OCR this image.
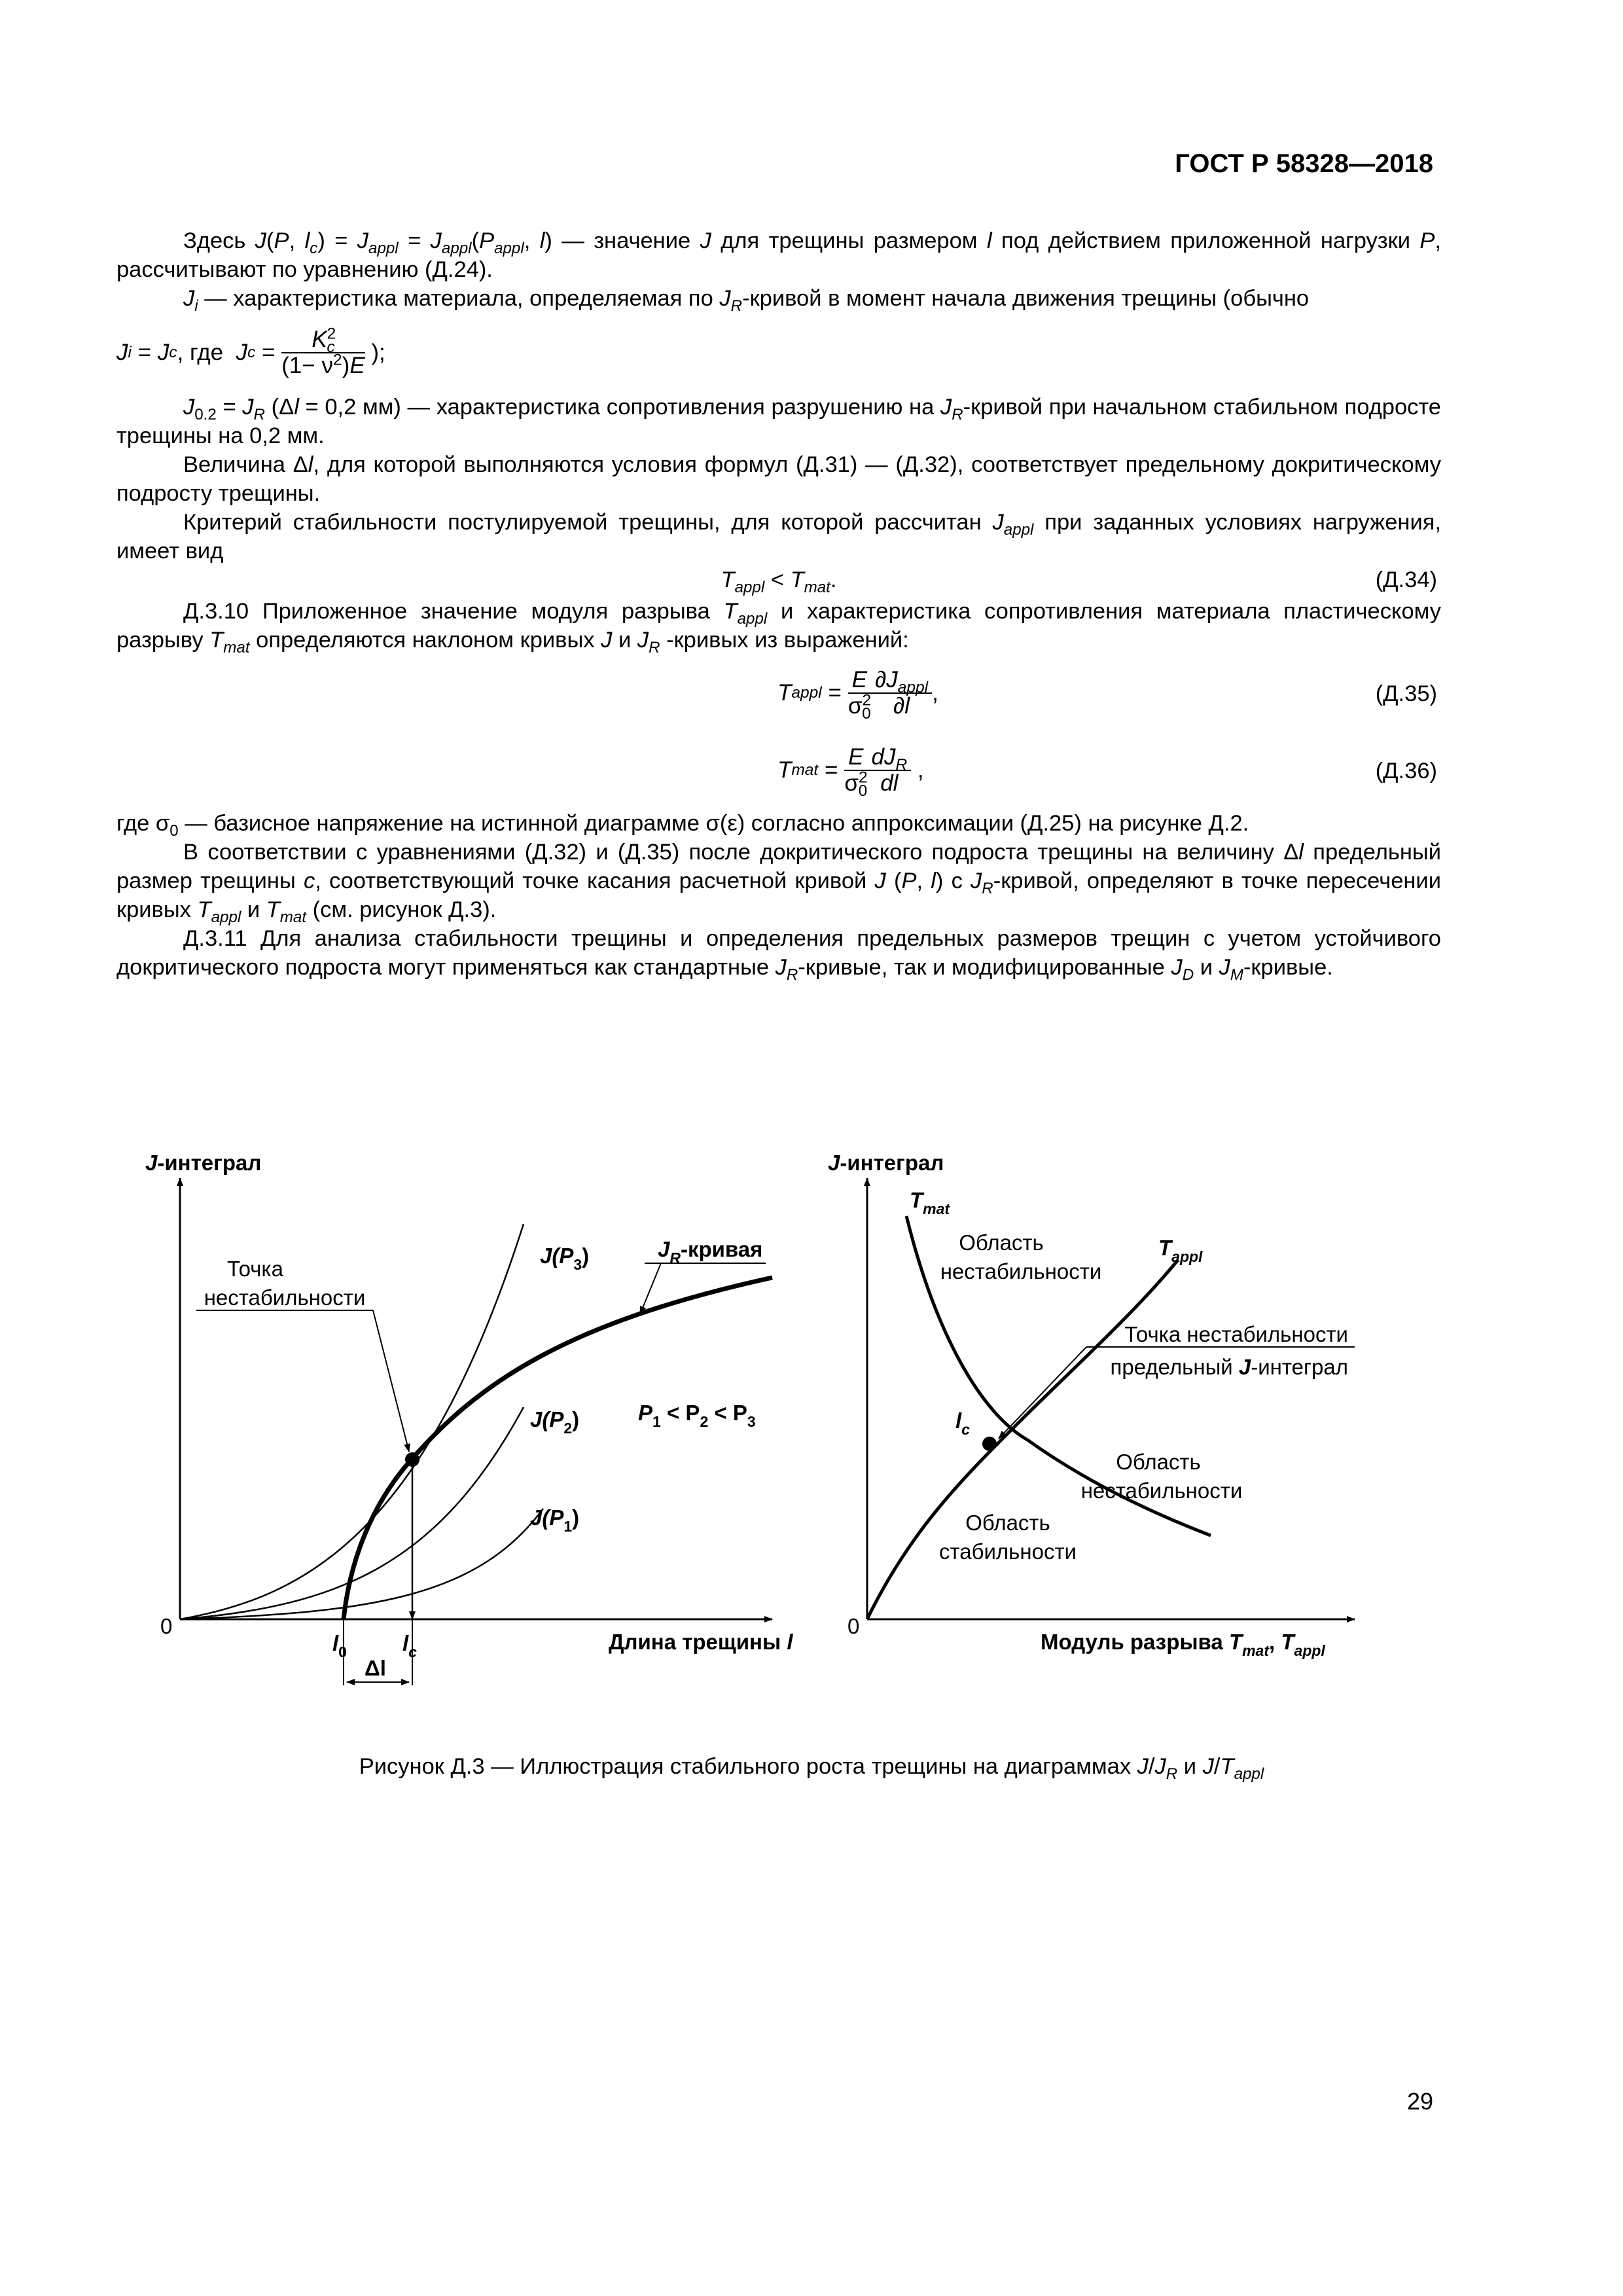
ГОСТ Р 58328—2018

Здесь J(P, $l_c) = J_{appl} = J_{appl}(P_{appl}$, l) — значение J для трещины размером l под действием приложенной нагрузки P, рассчитывают по уравнению (Д.24).

$J_i$ — характеристика материала, определяемая по $J_R$-кривой в момент начала движения трещины (обычно

J i = J c , где J $c = \frac{K^2_c}{(1- \nu^2)E}$ );

$J_{0.2} = J_R$ (Δl = 0,2 мм) — характеристика сопротивления разрушению на $J_R$-кривой при начальном стабильном подросте трещины на 0,2 мм.

Величина Δl, для которой выполняются условия формул (Д.31) — (Д.32), соответствует предельному докритическому подросту трещины.

Критерий стабильности постулируемой трещины, для которой рассчитан $J_{appl}$ при заданных условиях нагружения, имеет вид

$T_{appl} < T_{mat}$.	(Д.34)

Д.3.10 Приложенное значение модуля разрыва $T_{appl}$ и характеристика сопротивления материала пластическому разрыву $T_{mat}$ определяются наклоном кривых J и $J_R$ -кривых из выражений:

T appl = $\frac{E}{\sigma^2_0} \frac{\partial J_{appl}}{\partial l}$ ,	(Д.35)
T mat = $\frac{E}{\sigma^2_0} \frac{dJ_R}{dl}$ ,	(Д.36)

где $\sigma_0$ — базисное напряжение на истинной диаграмме σ(ε) согласно аппроксимации (Д.25) на рисунке Д.2.

В соответствии с уравнениями (Д.32) и (Д.35) после докритического подроста трещины на величину Δl предельный размер трещины c, соответствующий точке касания расчетной кривой J (P, l) с $J_R$-кривой, определяют в точке пересечении кривых $T_{appl}$ и $T_{mat}$ (см. рисунок Д.3).

Д.3.11 Для анализа стабильности трещины и определения предельных размеров трещин с учетом устойчивого докритического подроста могут применяться как стандартные $J_R$-кривые, так и модифицированные $J_D$ и $J_M$-кривые.

J-интеграл
0
Длина трещины l
Точка
нестабильности
$J_R$-кривая
$J(P_3)$
$J(P_2)$
$J(P_1)$
$P_1 < P_2 < P_3$
$l_0$	$l_c$
Δl
J-интеграл
0
Модуль разрыва $T_{mat}$, $T_{appl}$
$T_{mat}$
$T_{appl}$
Область
нестабильности
Область
нестабильности
Область
стабильности
Точка нестабильности
предельный J-интеграл
$l_c$
Рисунок Д.3 — Иллюстрация стабильного роста трещины на диаграммах $J/J_R$ и $J/T_{appl}$
29
